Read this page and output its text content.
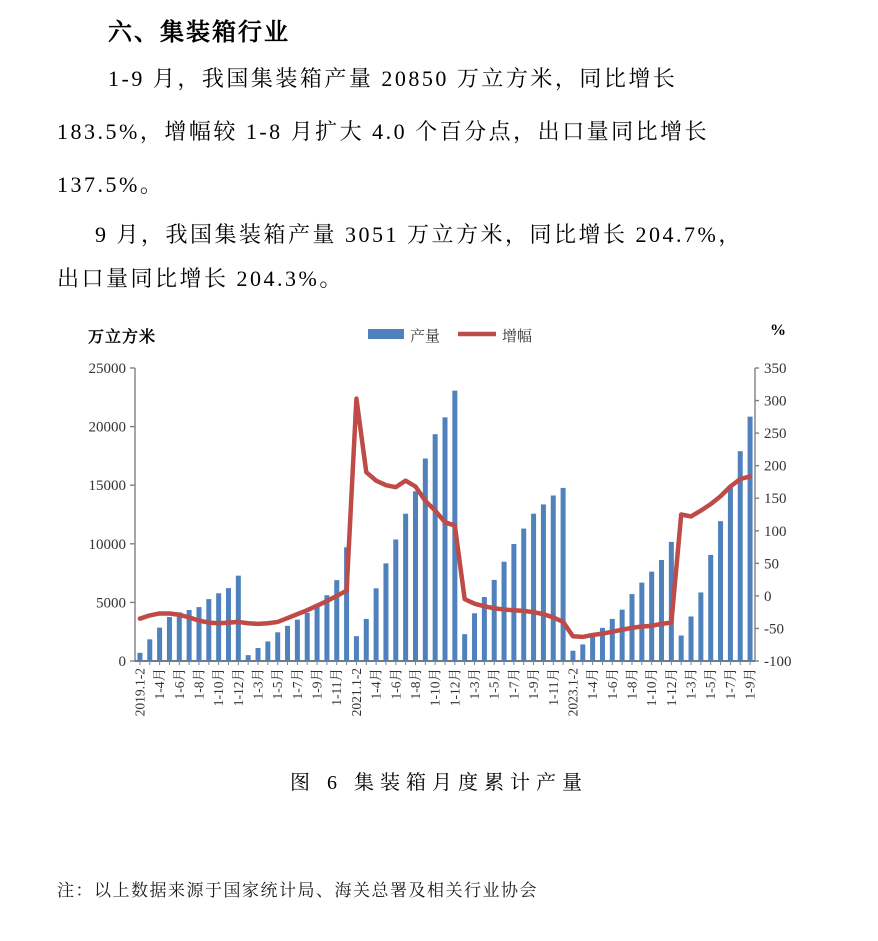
六、集装箱行业
1-9 月，我国集装箱产量 20850 万立方米，同比增长
183.5%，增幅较 1-8 月扩大 4.0 个百分点，出口量同比增长
137.5%。
9 月，我国集装箱产量 3051 万立方米，同比增长 204.7%，
出口量同比增长 204.3%。
万立方米	%
产量	增幅
25000
20000
15000
10000
5000
0
350
300
250
200
150
100
50
0
-50
-100
2019.1-2 1-4月 1-6月 1-8月 1-10月 1-12月 1-3月 1-5月 1-7月 1-9月 1-11月 2021.1-2 1-4月 1-6月 1-8月 1-10月 1-12月 1-3月 1-5月 1-7月 1-9月 1-11月 2023.1-2 1-4月 1-6月 1-8月 1-10月 1-12月 1-3月 1-5月 1-7月 1-9月
图 6 集装箱月度累计产量
注：以上数据来源于国家统计局、海关总署及相关行业协会
